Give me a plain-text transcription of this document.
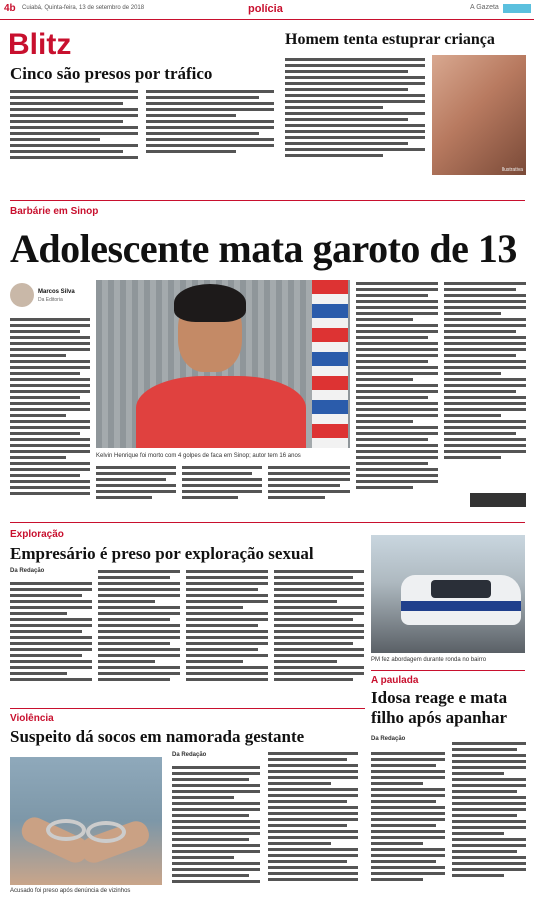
4b Cuiabá, Quinta-feira, 13 de setembro de 2018	polícia	A Gazeta
Blitz
Cinco são presos por tráfico
Homem tenta estuprar criança
Ilustrativa
Barbárie em Sinop
Adolescente mata garoto de 13
Marcos Silva
Da Editoria
Kelvin Henrique foi morto com 4 golpes de faca em Sinop; autor tem 16 anos
Exploração
Empresário é preso por exploração sexual
Da Redação
PM fez abordagem durante ronda no bairro
A paulada
Idosa reage e mata filho após apanhar
Da Redação
Violência
Suspeito dá socos em namorada gestante
Acusado foi preso após denúncia de vizinhos
Da Redação
